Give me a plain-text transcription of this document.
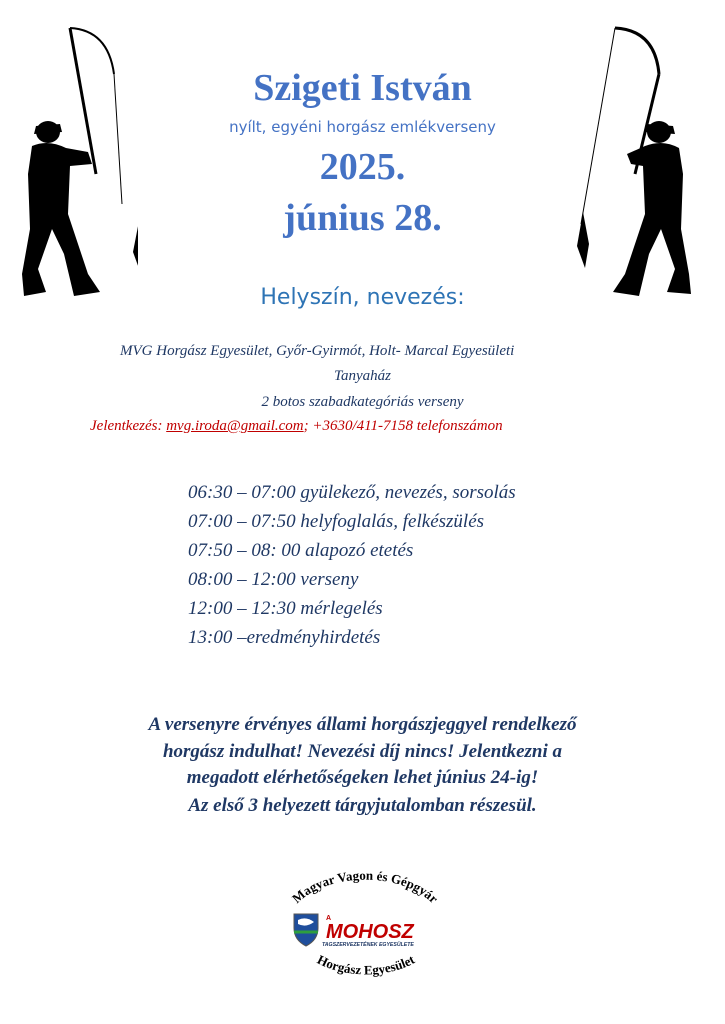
Szigeti István
nyílt, egyéni horgász emlékverseny
2025.
június 28.
Helyszín, nevezés:
MVG Horgász Egyesület, Győr-Gyirmót, Holt- Marcal Egyesületi
Tanyaház
2 botos szabadkategóriás verseny
Jelentkezés: mvg.iroda@gmail.com; +3630/411-7158 telefonszámon
06:30 – 07:00 gyülekező, nevezés, sorsolás
07:00 – 07:50 helyfoglalás, felkészülés
07:50 – 08: 00 alapozó etetés
08:00 – 12:00 verseny
12:00 – 12:30 mérlegelés
13:00 –eredményhirdetés
A versenyre érvényes állami horgászjeggyel rendelkező
horgász indulhat! Nevezési díj nincs! Jelentkezni a
megadott elérhetőségeken lehet június 24-ig!
Az első 3 helyezett tárgyjutalomban részesül.
Magyar Vagon és Gépgyár
A
MOHOSZ
TAGSZERVEZETÉNEK EGYESÜLETE
Horgász Egyesület
